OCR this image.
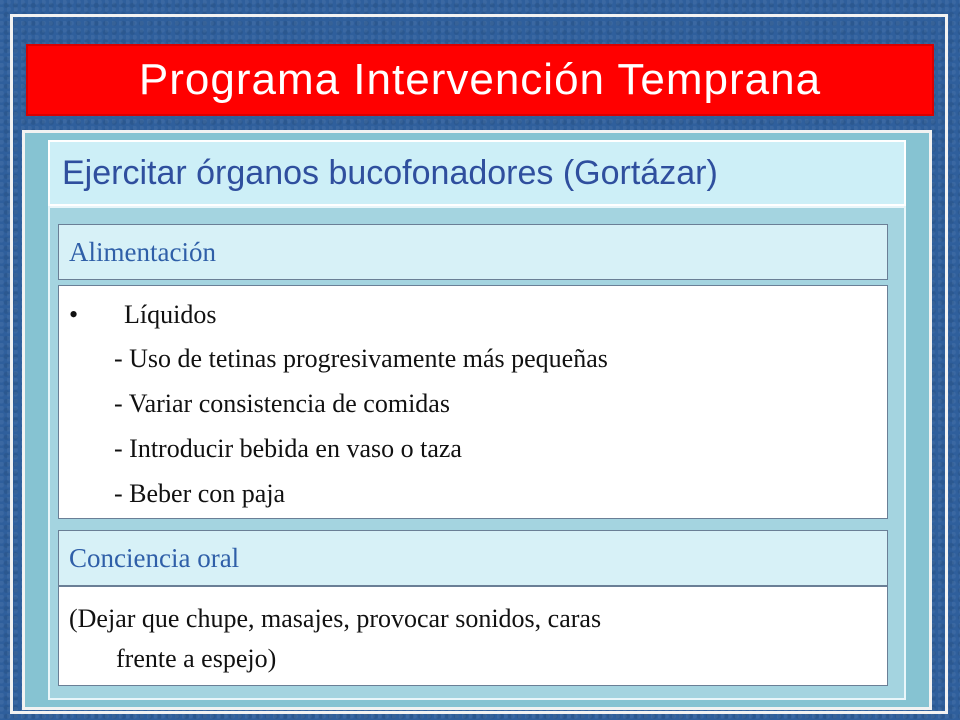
Programa Intervención Temprana
Ejercitar órganos bucofonadores (Gortázar)
Alimentación
• Líquidos
- Uso de tetinas progresivamente más pequeñas
- Variar consistencia de comidas
- Introducir bebida en vaso o taza
- Beber con paja
Conciencia oral
(Dejar que chupe, masajes, provocar sonidos, caras
frente a espejo)
